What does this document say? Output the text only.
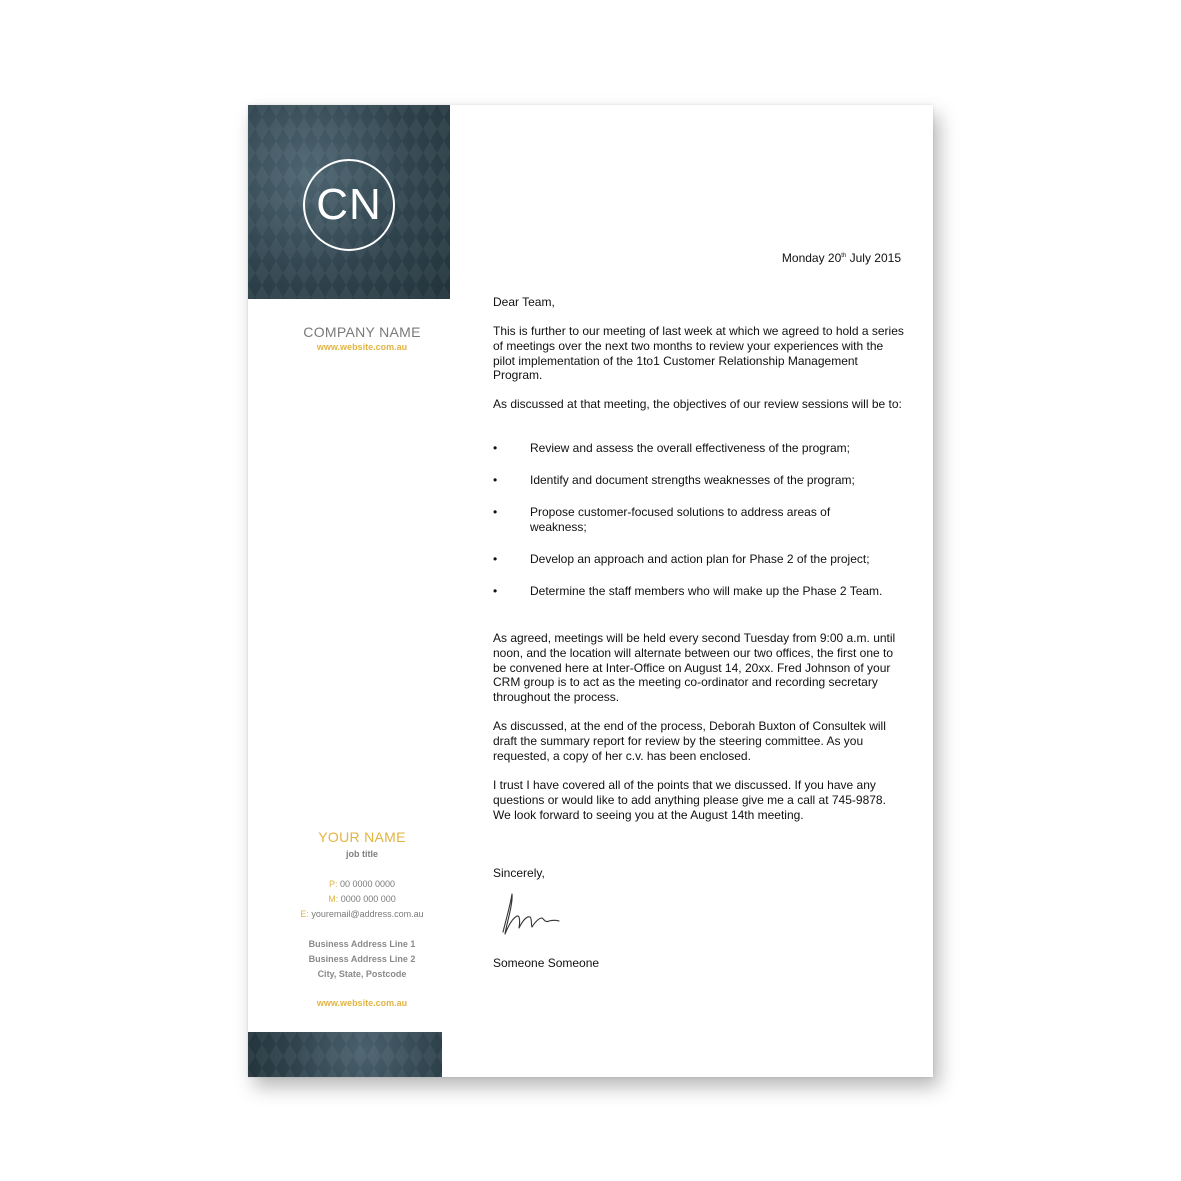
CN
COMPANY NAME
www.website.com.au
YOUR NAME
job title
P: 00 0000 0000
M: 0000 000 000
E: youremail@address.com.au
Business Address Line 1
Business Address Line 2
City, State, Postcode
www.website.com.au
Monday 20th July 2015
Dear Team,
This is further to our meeting of last week at which we agreed to hold a series of meetings over the next two months to review your experiences with the pilot implementation of the 1to1 Customer Relationship Management Program.
As discussed at that meeting, the objectives of our review sessions will be to:
•	Review and assess the overall effectiveness of the program;
•	Identify and document strengths weaknesses of the program;
•	Propose customer-focused solutions to address areas of weakness;
•	Develop an approach and action plan for Phase 2 of the project;
•	Determine the staff members who will make up the Phase 2 Team.
As agreed, meetings will be held every second Tuesday from 9:00 a.m. until noon, and the location will alternate between our two offices, the first one to be convened here at Inter-Office on August 14, 20xx. Fred Johnson of your CRM group is to act as the meeting co-ordinator and recording secretary throughout the process.
As discussed, at the end of the process, Deborah Buxton of Consultek will draft the summary report for review by the steering committee. As you requested, a copy of her c.v. has been enclosed.
I trust I have covered all of the points that we discussed. If you have any questions or would like to add anything please give me a call at 745-9878. We look forward to seeing you at the August 14th meeting.
Sincerely,
Someone Someone
